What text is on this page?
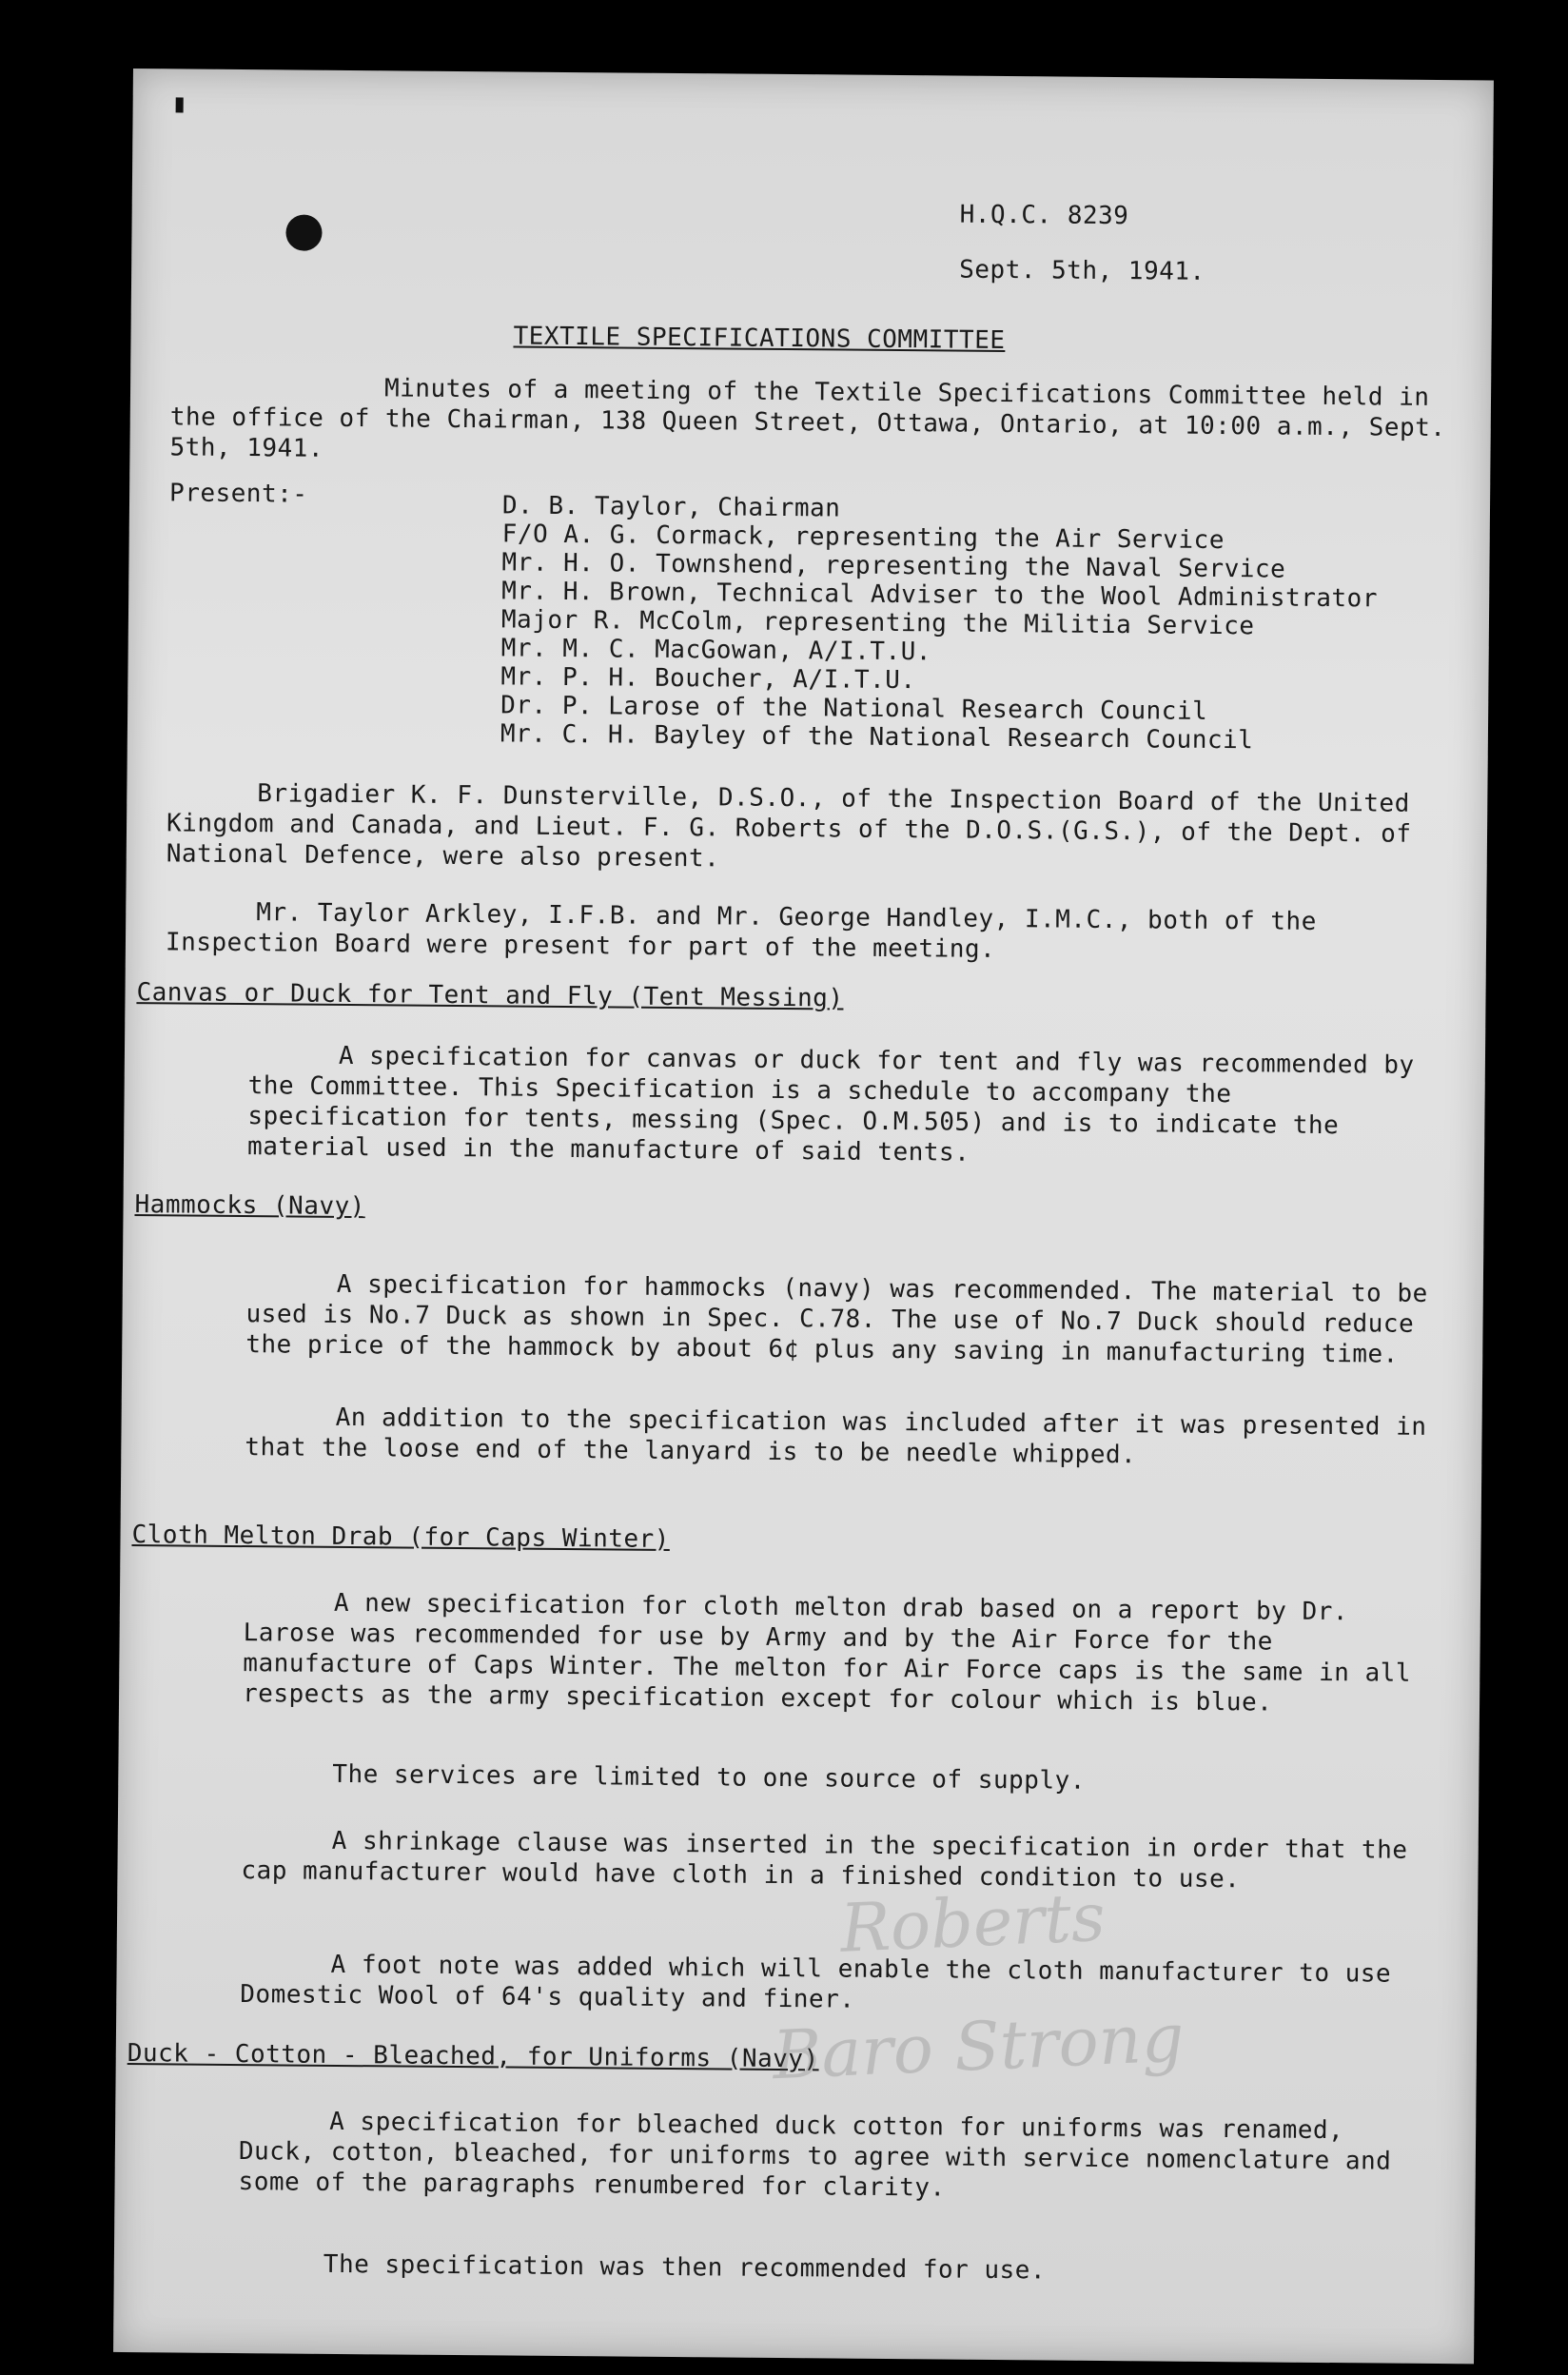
H.Q.C. 8239
Sept. 5th, 1941.
TEXTILE SPECIFICATIONS COMMITTEE
Minutes of a meeting of the Textile Specifications Committee held in the office of the Chairman, 138 Queen Street, Ottawa, Ontario, at 10:00 a.m., Sept. 5th, 1941.
Present:-	D. B. Taylor, Chairman
F/O A. G. Cormack, representing the Air Service
Mr. H. O. Townshend, representing the Naval Service
Mr. H. Brown, Technical Adviser to the Wool Administrator
Major R. McColm, representing the Militia Service
Mr. M. C. MacGowan, A/I.T.U.
Mr. P. H. Boucher, A/I.T.U.
Dr. P. Larose of the National Research Council
Mr. C. H. Bayley of the National Research Council
Brigadier K. F. Dunsterville, D.S.O., of the Inspection Board of the United Kingdom and Canada, and Lieut. F. G. Roberts of the D.O.S.(G.S.), of the Dept. of National Defence, were also present.
Mr. Taylor Arkley, I.F.B. and Mr. George Handley, I.M.C., both of the Inspection Board were present for part of the meeting.
Canvas or Duck for Tent and Fly (Tent Messing)
A specification for canvas or duck for tent and fly was recommended by the Committee. This Specification is a schedule to accompany the specification for tents, messing (Spec. O.M.505) and is to indicate the material used in the manufacture of said tents.
Hammocks (Navy)
A specification for hammocks (navy) was recommended. The material to be used is No.7 Duck as shown in Spec. C.78. The use of No.7 Duck should reduce the price of the hammock by about 6¢ plus any saving in manufacturing time.
An addition to the specification was included after it was presented in that the loose end of the lanyard is to be needle whipped.
Cloth Melton Drab (for Caps Winter)
A new specification for cloth melton drab based on a report by Dr. Larose was recommended for use by Army and by the Air Force for the manufacture of Caps Winter. The melton for Air Force caps is the same in all respects as the army specification except for colour which is blue.
The services are limited to one source of supply.
A shrinkage clause was inserted in the specification in order that the cap manufacturer would have cloth in a finished condition to use.
A foot note was added which will enable the cloth manufacturer to use Domestic Wool of 64's quality and finer.
Duck - Cotton - Bleached, for Uniforms (Navy)
A specification for bleached duck cotton for uniforms was renamed, Duck, cotton, bleached, for uniforms to agree with service nomenclature and some of the paragraphs renumbered for clarity.
The specification was then recommended for use.
Roberts
Baro Strong
